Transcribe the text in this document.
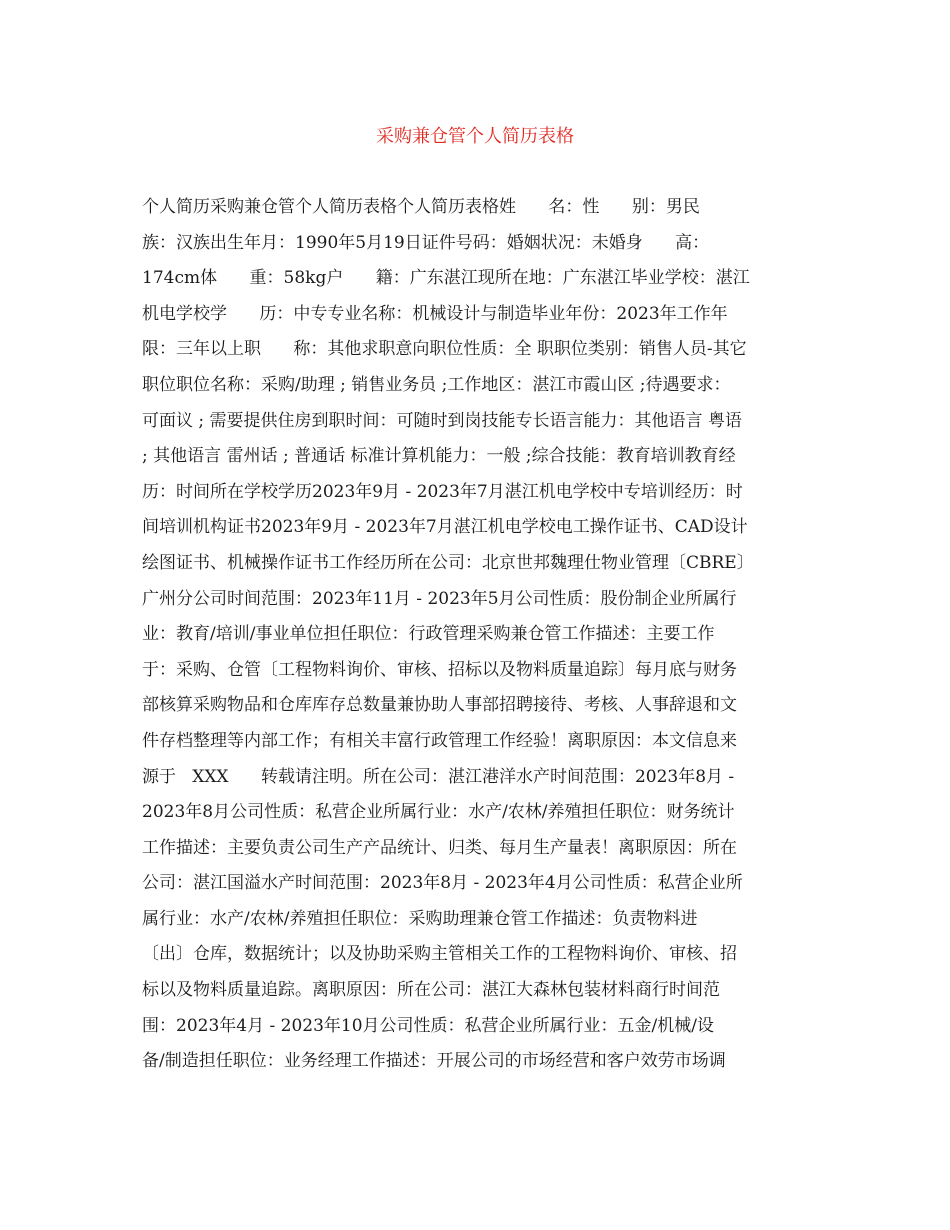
采购兼仓管个人简历表格
个人简历采购兼仓管个人简历表格个人简历表格姓      名：性      别：男民
族：汉族出生年月：1990年5月19日证件号码：婚姻状况：未婚身      高：
174cm体      重：58kg户      籍：广东湛江现所在地：广东湛江毕业学校：湛江
机电学校学      历：中专专业名称：机械设计与制造毕业年份：2023年工作年
限：三年以上职      称：其他求职意向职位性质：全 职职位类别：销售人员-其它
职位职位名称：采购/助理 ; 销售业务员 ;工作地区：湛江市霞山区 ;待遇要求：
可面议 ; 需要提供住房到职时间：可随时到岗技能专长语言能力：其他语言 粤语
; 其他语言 雷州话 ; 普通话 标准计算机能力：一般 ;综合技能：教育培训教育经
历：时间所在学校学历2023年9月 - 2023年7月湛江机电学校中专培训经历：时
间培训机构证书2023年9月 - 2023年7月湛江机电学校电工操作证书、CAD设计
绘图证书、机械操作证书工作经历所在公司：北京世邦魏理仕物业管理〔CBRE〕
广州分公司时间范围：2023年11月 - 2023年5月公司性质：股份制企业所属行
业：教育/培训/事业单位担任职位：行政管理采购兼仓管工作描述：主要工作
于：采购、仓管〔工程物料询价、审核、招标以及物料质量追踪〕每月底与财务
部核算采购物品和仓库库存总数量兼协助人事部招聘接待、考核、人事辞退和文
件存档整理等内部工作；有相关丰富行政管理工作经验！离职原因：本文信息来
源于   XXX      转载请注明。所在公司：湛江港洋水产时间范围：2023年8月 -
2023年8月公司性质：私营企业所属行业：水产/农林/养殖担任职位：财务统计
工作描述：主要负责公司生产产品统计、归类、每月生产量表！离职原因：所在
公司：湛江国溢水产时间范围：2023年8月 - 2023年4月公司性质：私营企业所
属行业：水产/农林/养殖担任职位：采购助理兼仓管工作描述：负责物料进
〔出〕仓库，数据统计；以及协助采购主管相关工作的工程物料询价、审核、招
标以及物料质量追踪。离职原因：所在公司：湛江大森林包装材料商行时间范
围：2023年4月 - 2023年10月公司性质：私营企业所属行业：五金/机械/设
备/制造担任职位：业务经理工作描述：开展公司的市场经营和客户效劳市场调
